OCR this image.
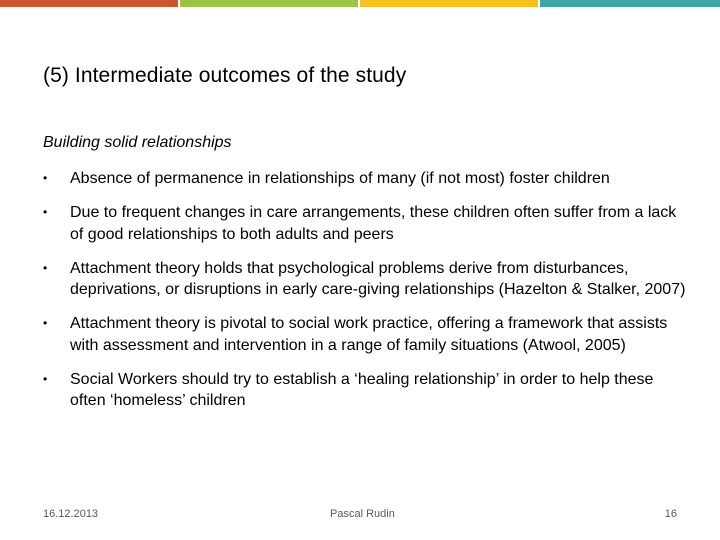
(5) Intermediate outcomes of the study
Building solid relationships
• Absence of permanence in relationships of many (if not most) foster children
• Due to frequent changes in care arrangements, these children often suffer from a lack of good relationships to both adults and peers
• Attachment theory holds that psychological problems derive from disturbances, deprivations, or disruptions in early care-giving relationships (Hazelton & Stalker, 2007)
• Attachment theory is pivotal to social work practice, offering a framework that assists with assessment and intervention in a range of family situations (Atwool, 2005)
• Social Workers should try to establish a ‘healing relationship’ in order to help these often ‘homeless’ children
16.12.2013	Pascal Rudin	16
